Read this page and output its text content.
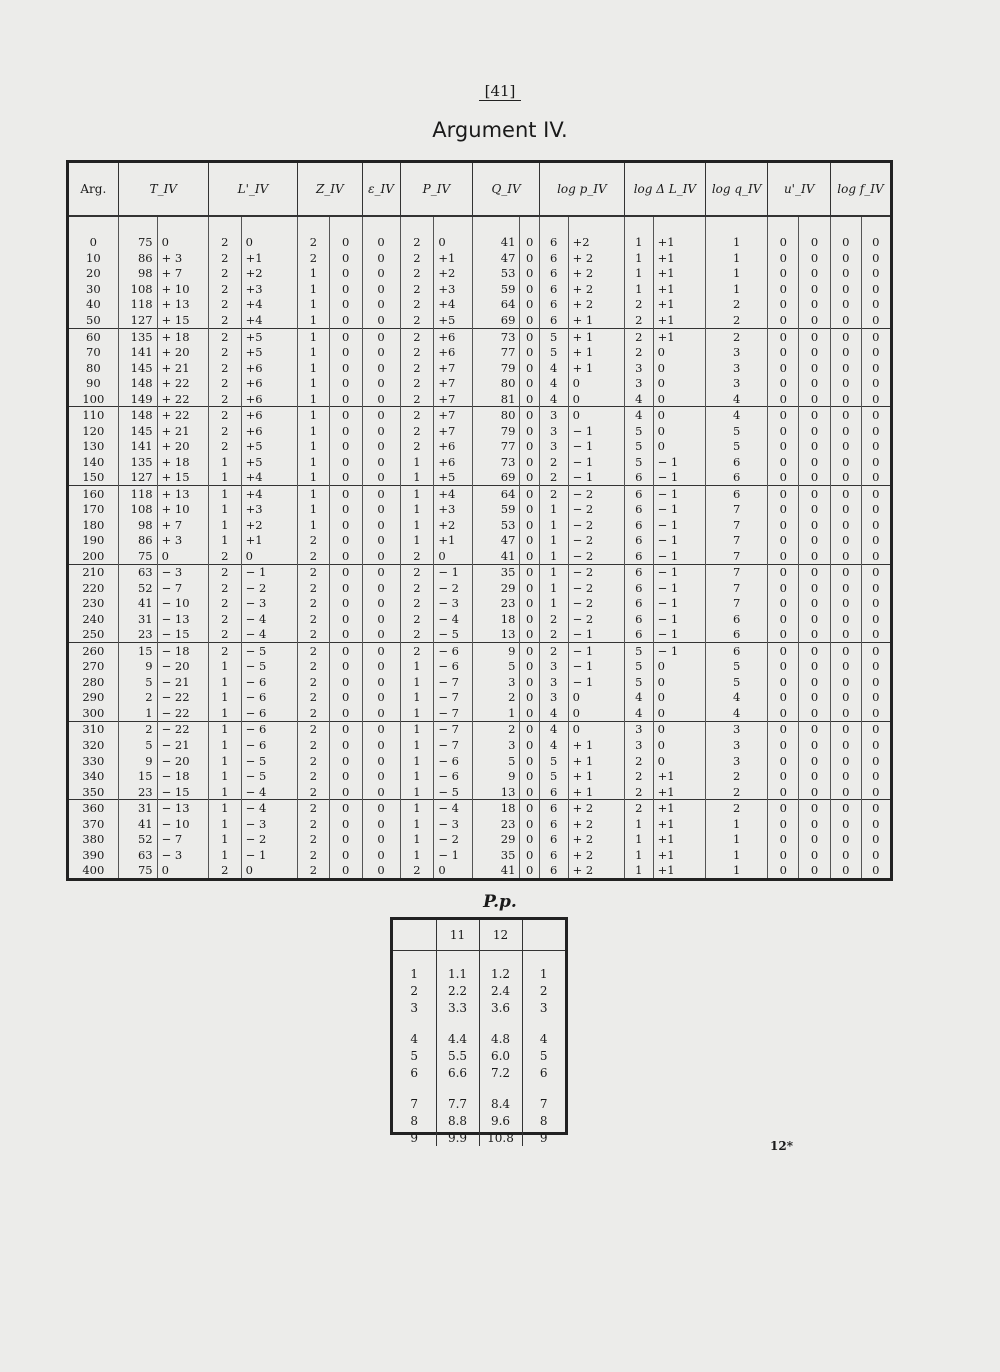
[41]
Argument IV.
Arg.	T_IV		L'_IV		Z_IV		ε_IV	P_IV		Q_IV		log p_IV		log Δ L_IV		log q_IV	u'_IV		log f_IV	

0	75	0	2	0	2	0	0	2	0	41	0	6	+2	1	+1	1	0	0	0	0
10	86	+ 3	2	+1	2	0	0	2	+1	47	0	6	+ 2	1	+1	1	0	0	0	0
20	98	+ 7	2	+2	1	0	0	2	+2	53	0	6	+ 2	1	+1	1	0	0	0	0
30	108	+ 10	2	+3	1	0	0	2	+3	59	0	6	+ 2	1	+1	1	0	0	0	0
40	118	+ 13	2	+4	1	0	0	2	+4	64	0	6	+ 2	2	+1	2	0	0	0	0
50	127	+ 15	2	+4	1	0	0	2	+5	69	0	6	+ 1	2	+1	2	0	0	0	0
60	135	+ 18	2	+5	1	0	0	2	+6	73	0	5	+ 1	2	+1	2	0	0	0	0
70	141	+ 20	2	+5	1	0	0	2	+6	77	0	5	+ 1	2	0	3	0	0	0	0
80	145	+ 21	2	+6	1	0	0	2	+7	79	0	4	+ 1	3	0	3	0	0	0	0
90	148	+ 22	2	+6	1	0	0	2	+7	80	0	4	0	3	0	3	0	0	0	0
100	149	+ 22	2	+6	1	0	0	2	+7	81	0	4	0	4	0	4	0	0	0	0
110	148	+ 22	2	+6	1	0	0	2	+7	80	0	3	0	4	0	4	0	0	0	0
120	145	+ 21	2	+6	1	0	0	2	+7	79	0	3	− 1	5	0	5	0	0	0	0
130	141	+ 20	2	+5	1	0	0	2	+6	77	0	3	− 1	5	0	5	0	0	0	0
140	135	+ 18	1	+5	1	0	0	1	+6	73	0	2	− 1	5	− 1	6	0	0	0	0
150	127	+ 15	1	+4	1	0	0	1	+5	69	0	2	− 1	6	− 1	6	0	0	0	0
160	118	+ 13	1	+4	1	0	0	1	+4	64	0	2	− 2	6	− 1	6	0	0	0	0
170	108	+ 10	1	+3	1	0	0	1	+3	59	0	1	− 2	6	− 1	7	0	0	0	0
180	98	+ 7	1	+2	1	0	0	1	+2	53	0	1	− 2	6	− 1	7	0	0	0	0
190	86	+ 3	1	+1	2	0	0	1	+1	47	0	1	− 2	6	− 1	7	0	0	0	0
200	75	0	2	0	2	0	0	2	0	41	0	1	− 2	6	− 1	7	0	0	0	0
210	63	− 3	2	− 1	2	0	0	2	− 1	35	0	1	− 2	6	− 1	7	0	0	0	0
220	52	− 7	2	− 2	2	0	0	2	− 2	29	0	1	− 2	6	− 1	7	0	0	0	0
230	41	− 10	2	− 3	2	0	0	2	− 3	23	0	1	− 2	6	− 1	7	0	0	0	0
240	31	− 13	2	− 4	2	0	0	2	− 4	18	0	2	− 2	6	− 1	6	0	0	0	0
250	23	− 15	2	− 4	2	0	0	2	− 5	13	0	2	− 1	6	− 1	6	0	0	0	0
260	15	− 18	2	− 5	2	0	0	2	− 6	9	0	2	− 1	5	− 1	6	0	0	0	0
270	9	− 20	1	− 5	2	0	0	1	− 6	5	0	3	− 1	5	0	5	0	0	0	0
280	5	− 21	1	− 6	2	0	0	1	− 7	3	0	3	− 1	5	0	5	0	0	0	0
290	2	− 22	1	− 6	2	0	0	1	− 7	2	0	3	0	4	0	4	0	0	0	0
300	1	− 22	1	− 6	2	0	0	1	− 7	1	0	4	0	4	0	4	0	0	0	0
310	2	− 22	1	− 6	2	0	0	1	− 7	2	0	4	0	3	0	3	0	0	0	0
320	5	− 21	1	− 6	2	0	0	1	− 7	3	0	4	+ 1	3	0	3	0	0	0	0
330	9	− 20	1	− 5	2	0	0	1	− 6	5	0	5	+ 1	2	0	3	0	0	0	0
340	15	− 18	1	− 5	2	0	0	1	− 6	9	0	5	+ 1	2	+1	2	0	0	0	0
350	23	− 15	1	− 4	2	0	0	1	− 5	13	0	6	+ 1	2	+1	2	0	0	0	0
360	31	− 13	1	− 4	2	0	0	1	− 4	18	0	6	+ 2	2	+1	2	0	0	0	0
370	41	− 10	1	− 3	2	0	0	1	− 3	23	0	6	+ 2	1	+1	1	0	0	0	0
380	52	− 7	1	− 2	2	0	0	1	− 2	29	0	6	+ 2	1	+1	1	0	0	0	0
390	63	− 3	1	− 1	2	0	0	1	− 1	35	0	6	+ 2	1	+1	1	0	0	0	0
400	75	0	2	0	2	0	0	2	0	41	0	6	+ 2	1	+1	1	0	0	0	0
P.p.
	11	12	

1	1.1	1.2	1
2	2.2	2.4	2
3	3.3	3.6	3

4	4.4	4.8	4
5	5.5	6.0	5
6	6.6	7.2	6

7	7.7	8.4	7
8	8.8	9.6	8
9	9.9	10.8	9
12*
